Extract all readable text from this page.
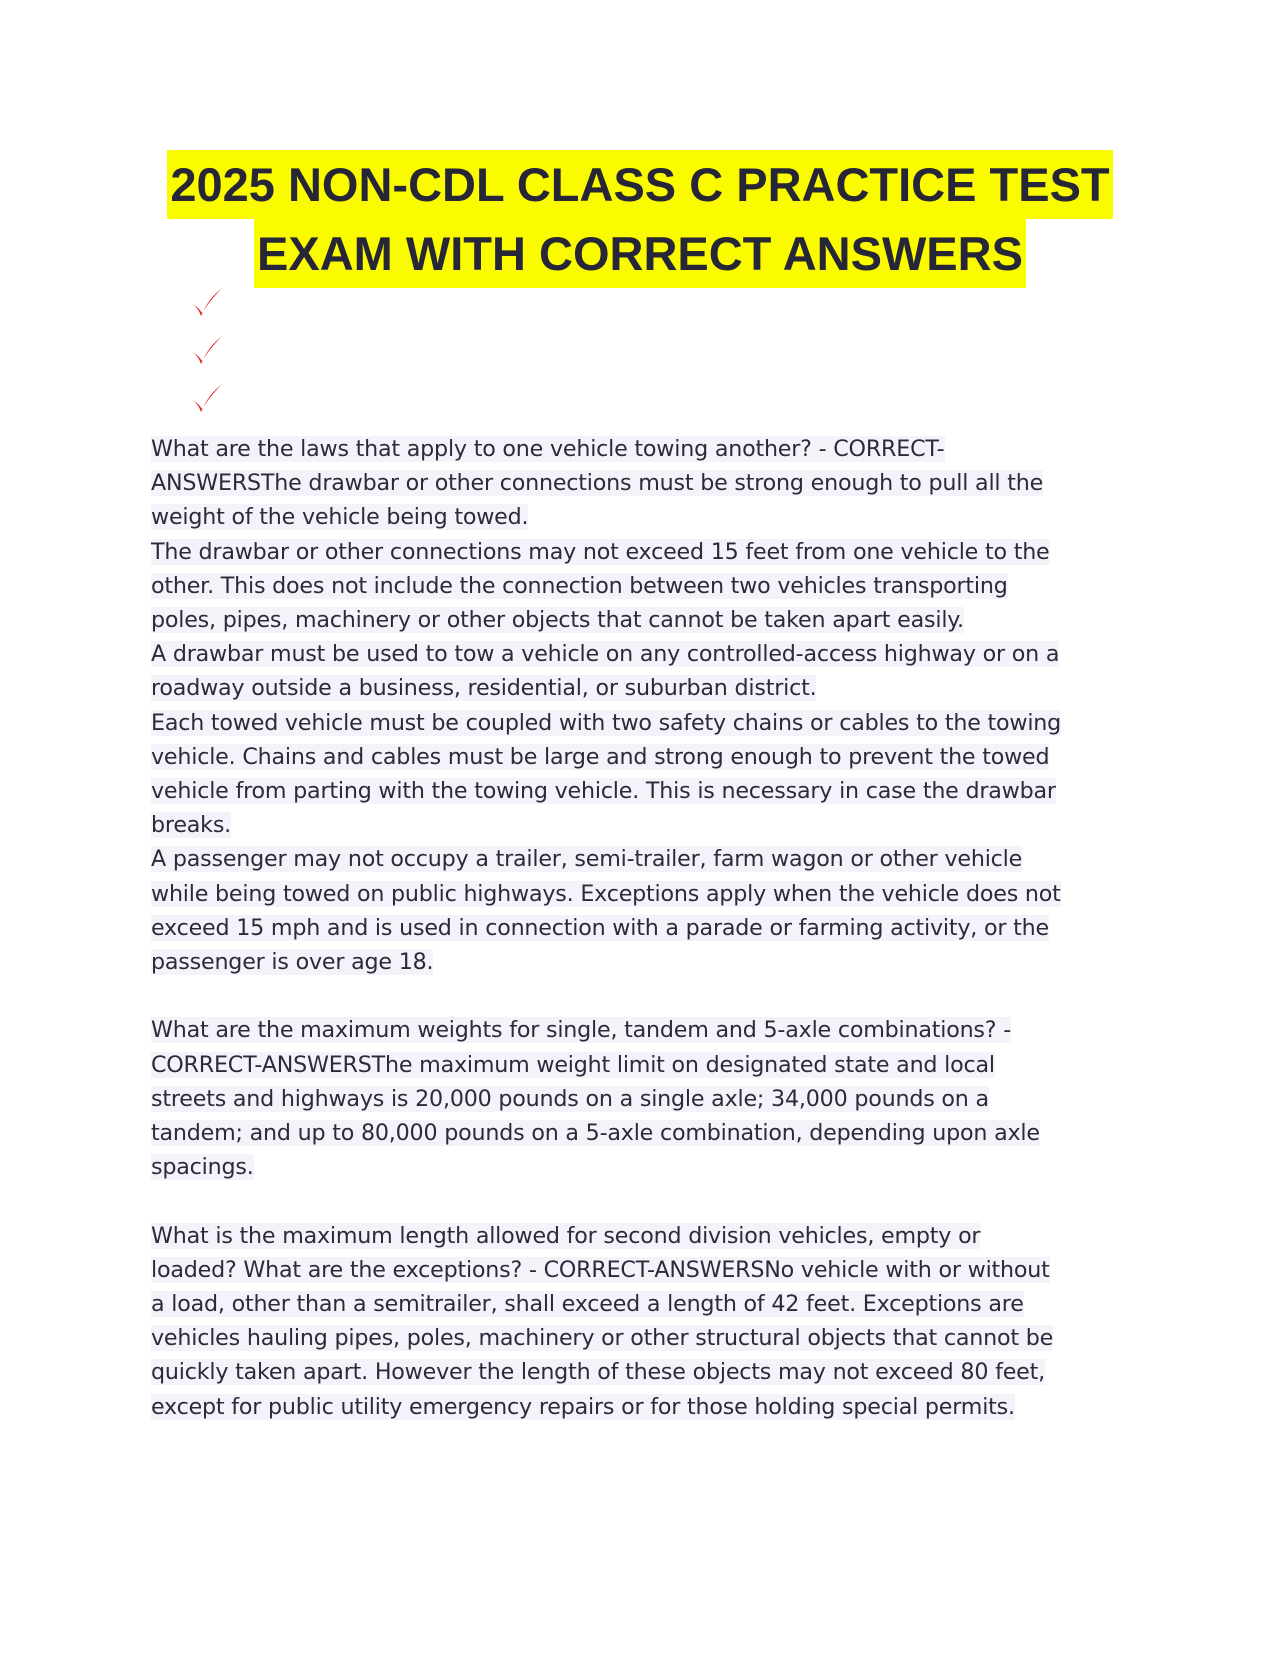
2025 NON-CDL CLASS C PRACTICE TEST
EXAM WITH CORRECT ANSWERS
What are the laws that apply to one vehicle towing another? - CORRECT-
ANSWERSThe drawbar or other connections must be strong enough to pull all the
weight of the vehicle being towed.
The drawbar or other connections may not exceed 15 feet from one vehicle to the
other. This does not include the connection between two vehicles transporting
poles, pipes, machinery or other objects that cannot be taken apart easily.
A drawbar must be used to tow a vehicle on any controlled-access highway or on a
roadway outside a business, residential, or suburban district.
Each towed vehicle must be coupled with two safety chains or cables to the towing
vehicle. Chains and cables must be large and strong enough to prevent the towed
vehicle from parting with the towing vehicle. This is necessary in case the drawbar
breaks.
A passenger may not occupy a trailer, semi-trailer, farm wagon or other vehicle
while being towed on public highways. Exceptions apply when the vehicle does not
exceed 15 mph and is used in connection with a parade or farming activity, or the
passenger is over age 18.
What are the maximum weights for single, tandem and 5-axle combinations? -
CORRECT-ANSWERSThe maximum weight limit on designated state and local
streets and highways is 20,000 pounds on a single axle; 34,000 pounds on a
tandem; and up to 80,000 pounds on a 5-axle combination, depending upon axle
spacings.
What is the maximum length allowed for second division vehicles, empty or
loaded? What are the exceptions? - CORRECT-ANSWERSNo vehicle with or without
a load, other than a semitrailer, shall exceed a length of 42 feet. Exceptions are
vehicles hauling pipes, poles, machinery or other structural objects that cannot be
quickly taken apart. However the length of these objects may not exceed 80 feet,
except for public utility emergency repairs or for those holding special permits.
